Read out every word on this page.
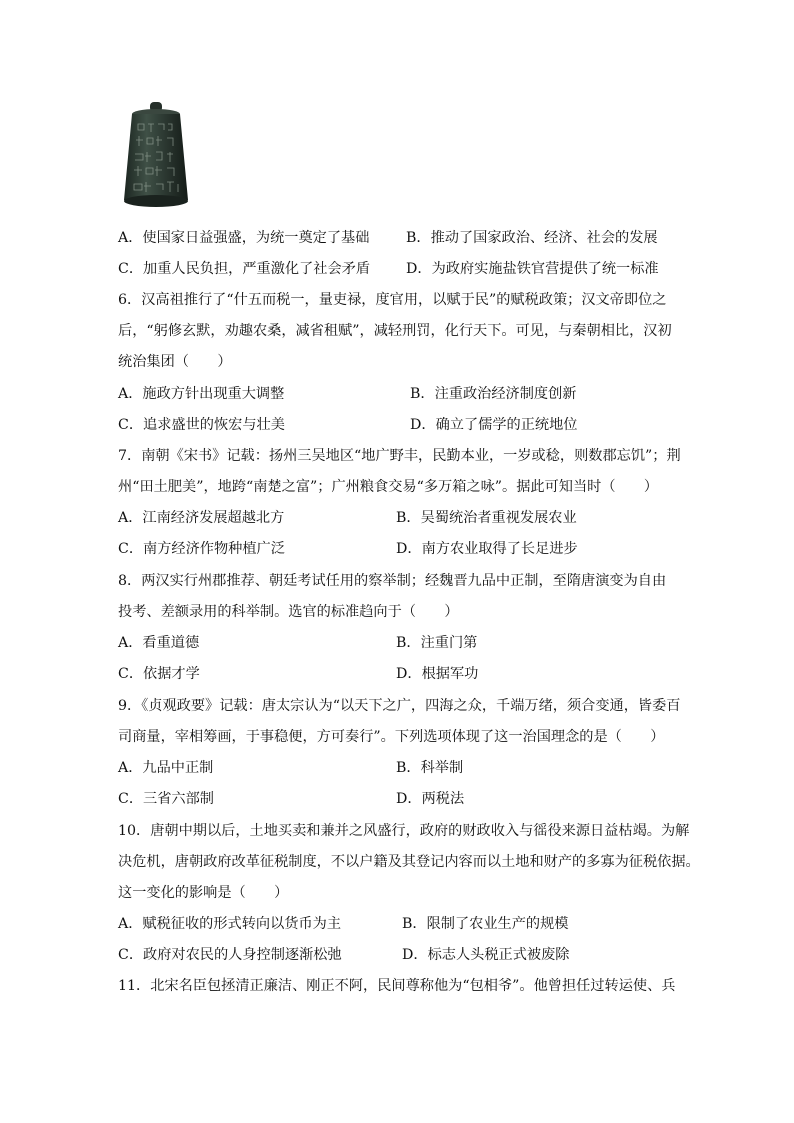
A．使国家日益强盛，为统一奠定了基础	B．推动了国家政治、经济、社会的发展
C．加重人民负担，严重激化了社会矛盾	D．为政府实施盐铁官营提供了统一标准
6．汉高祖推行了“什五而税一，量吏禄，度官用，以赋于民”的赋税政策；汉文帝即位之
后，“躬修玄默，劝趣农桑，减省租赋”，减轻刑罚，化行天下。可见，与秦朝相比，汉初
统治集团（　　）
A．施政方针出现重大调整	B．注重政治经济制度创新
C．追求盛世的恢宏与壮美	D．确立了儒学的正统地位
7．南朝《宋书》记载：扬州三吴地区“地广野丰，民勤本业，一岁或稔，则数郡忘饥”；荆
州“田土肥美”，地跨“南楚之富”；广州粮食交易“多万箱之咏”。据此可知当时（　　）
A．江南经济发展超越北方	B．吴蜀统治者重视发展农业
C．南方经济作物种植广泛	D．南方农业取得了长足进步
8．两汉实行州郡推荐、朝廷考试任用的察举制；经魏晋九品中正制，至隋唐演变为自由
投考、差额录用的科举制。选官的标准趋向于（　　）
A．看重道德	B．注重门第
C．依据才学	D．根据军功
9．《贞观政要》记载：唐太宗认为“以天下之广，四海之众，千端万绪，须合变通，皆委百
司商量，宰相筹画，于事稳便，方可奏行”。下列选项体现了这一治国理念的是（　　）
A．九品中正制	B．科举制
C．三省六部制	D．两税法
10．唐朝中期以后，土地买卖和兼并之风盛行，政府的财政收入与徭役来源日益枯竭。为解
决危机，唐朝政府改革征税制度，不以户籍及其登记内容而以土地和财产的多寡为征税依据。
这一变化的影响是（　　）
A．赋税征收的形式转向以货币为主	B．限制了农业生产的规模
C．政府对农民的人身控制逐渐松弛	D．标志人头税正式被废除
11．北宋名臣包拯清正廉洁、刚正不阿，民间尊称他为“包相爷”。他曾担任过转运使、兵
